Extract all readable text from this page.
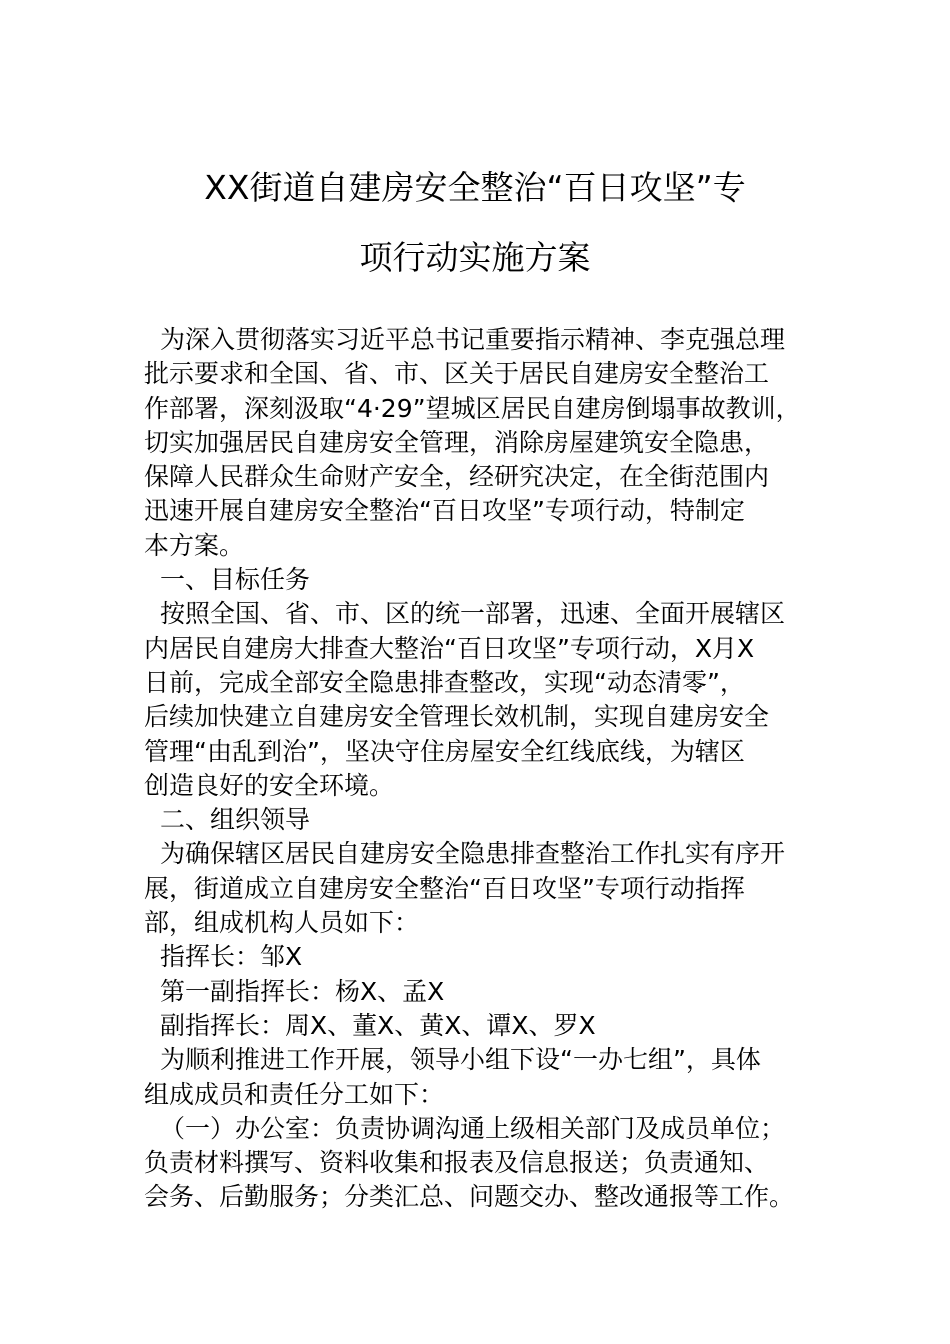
XX街道自建房安全整治“百日攻坚”专
项行动实施方案
为深入贯彻落实习近平总书记重要指示精神、李克强总理
批示要求和全国、省、市、区关于居民自建房安全整治工
作部署，深刻汲取“4·29”望城区居民自建房倒塌事故教训，
切实加强居民自建房安全管理，消除房屋建筑安全隐患，
保障人民群众生命财产安全，经研究决定，在全街范围内
迅速开展自建房安全整治“百日攻坚”专项行动，特制定
本方案。
一、目标任务
按照全国、省、市、区的统一部署，迅速、全面开展辖区
内居民自建房大排查大整治“百日攻坚”专项行动，X月X
日前，完成全部安全隐患排查整改，实现“动态清零”，
后续加快建立自建房安全管理长效机制，实现自建房安全
管理“由乱到治”，坚决守住房屋安全红线底线，为辖区
创造良好的安全环境。
二、组织领导
为确保辖区居民自建房安全隐患排查整治工作扎实有序开
展，街道成立自建房安全整治“百日攻坚”专项行动指挥
部，组成机构人员如下：
指挥长：邹X
第一副指挥长：杨X、孟X
副指挥长：周X、董X、黄X、谭X、罗X
为顺利推进工作开展，领导小组下设“一办七组”，具体
组成成员和责任分工如下：
（一）办公室：负责协调沟通上级相关部门及成员单位；
负责材料撰写、资料收集和报表及信息报送；负责通知、
会务、后勤服务；分类汇总、问题交办、整改通报等工作。
